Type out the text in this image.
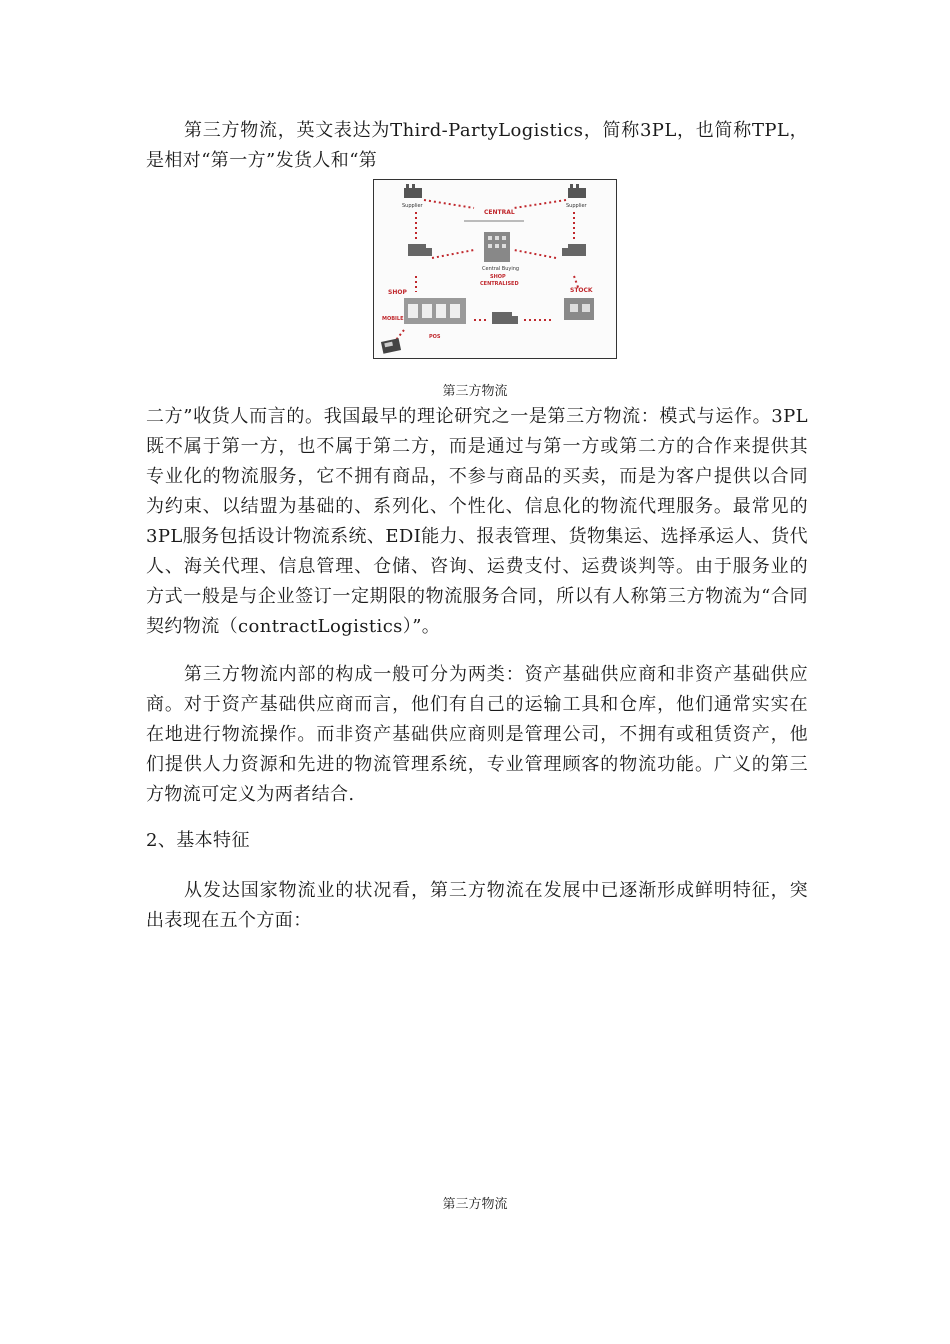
第三方物流，英文表达为Third-PartyLogistics，简称3PL，也简称TPL，是相对“第一方”发货人和“第

Supplier	Supplier
CENTRAL
Central Buying
SHOP
CENTRALISED
SHOP	STOCK
MOBILE
POS
第三方物流

二方”收货人而言的。我国最早的理论研究之一是第三方物流：模式与运作。3PL既不属于第一方，也不属于第二方，而是通过与第一方或第二方的合作来提供其专业化的物流服务，它不拥有商品，不参与商品的买卖，而是为客户提供以合同为约束、以结盟为基础的、系列化、个性化、信息化的物流代理服务。最常见的3PL服务包括设计物流系统、EDI能力、报表管理、货物集运、选择承运人、货代人、海关代理、信息管理、仓储、咨询、运费支付、运费谈判等。由于服务业的方式一般是与企业签订一定期限的物流服务合同，所以有人称第三方物流为“合同契约物流（contractLogistics）”。

第三方物流内部的构成一般可分为两类：资产基础供应商和非资产基础供应商。对于资产基础供应商而言，他们有自己的运输工具和仓库，他们通常实实在在地进行物流操作。而非资产基础供应商则是管理公司，不拥有或租赁资产，他们提供人力资源和先进的物流管理系统，专业管理顾客的物流功能。广义的第三方物流可定义为两者结合.

2、基本特征

从发达国家物流业的状况看，第三方物流在发展中已逐渐形成鲜明特征，突出表现在五个方面：

第三方物流
